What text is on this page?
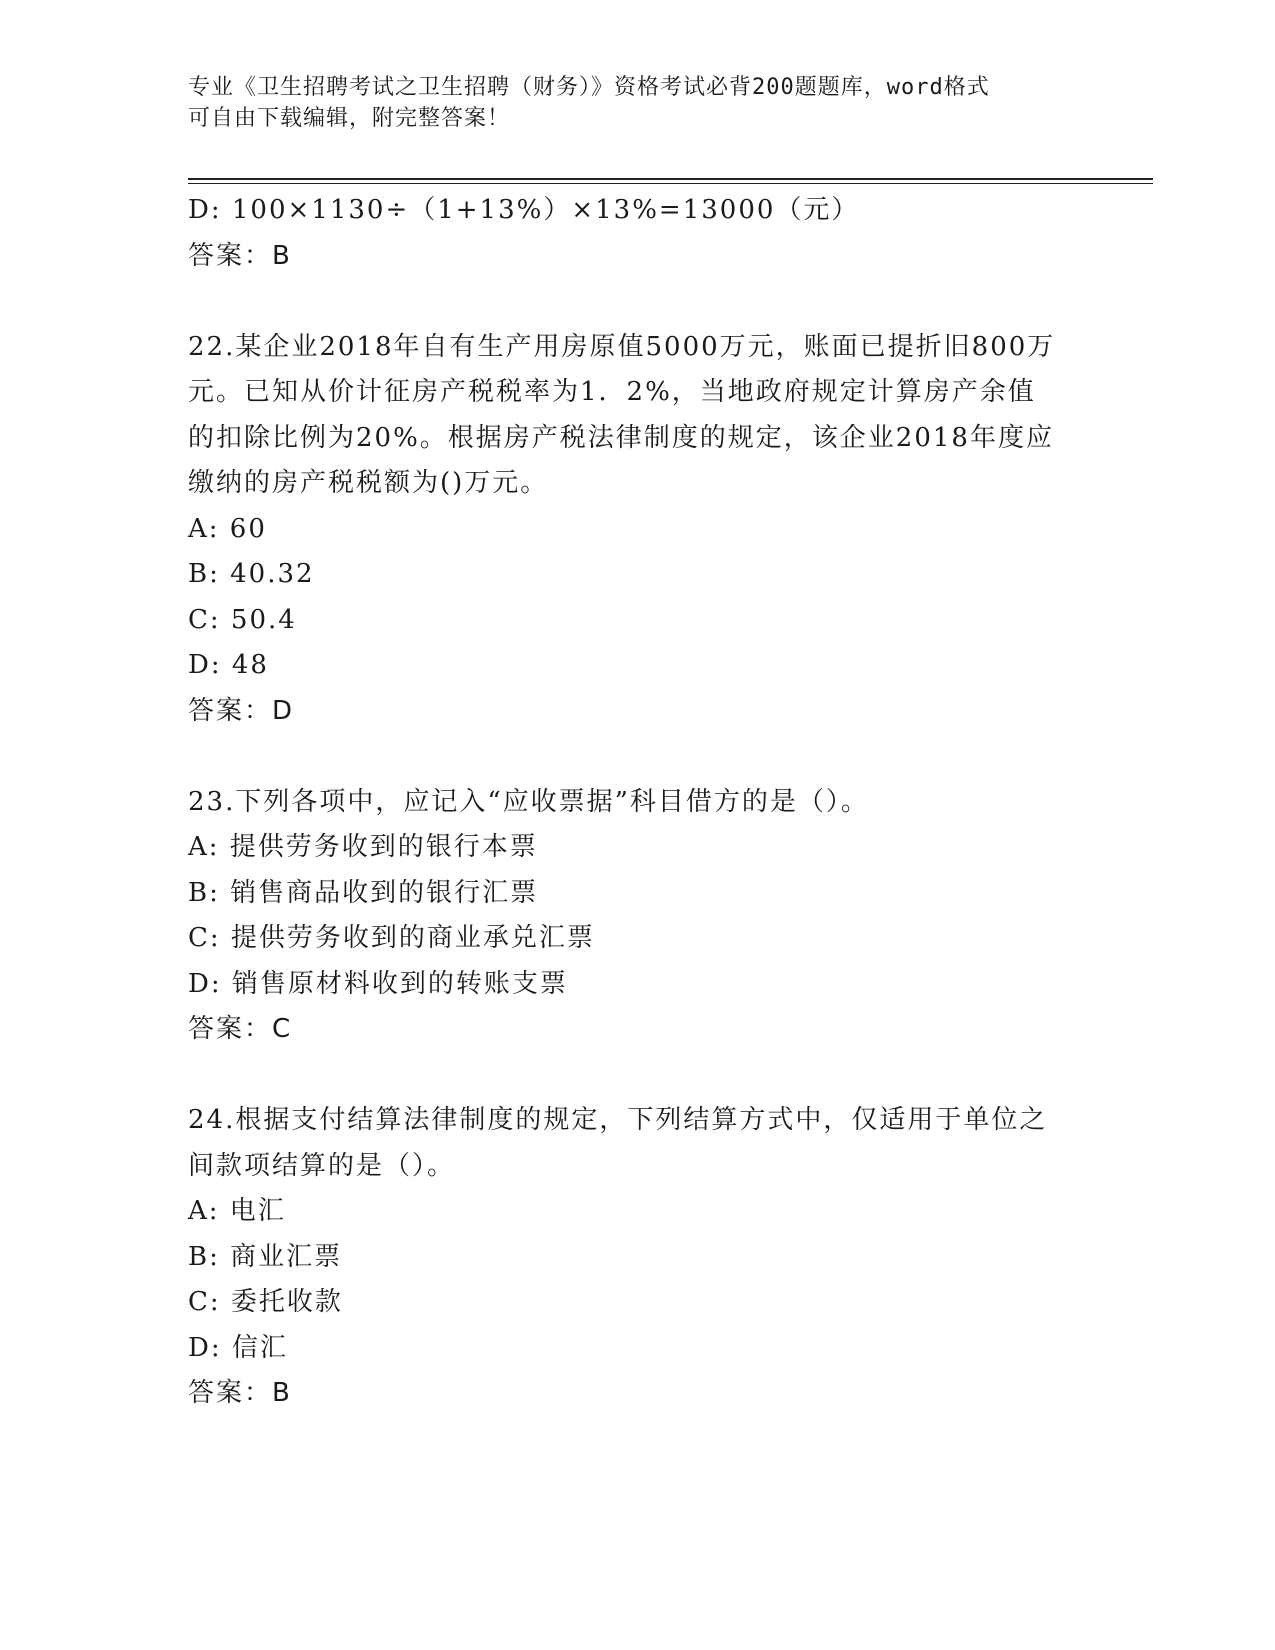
专业《卫生招聘考试之卫生招聘（财务）》资格考试必背200题题库，word格式
可自由下载编辑，附完整答案！
D: 100×1130÷（1+13%）×13%=13000（元）
答案：B
22.某企业2018年自有生产用房原值5000万元，账面已提折旧800万
元。已知从价计征房产税税率为1．2%，当地政府规定计算房产余值
的扣除比例为20%。根据房产税法律制度的规定，该企业2018年度应
缴纳的房产税税额为()万元。
A: 60
B: 40.32
C: 50.4
D: 48
答案：D
23.下列各项中，应记入“应收票据”科目借方的是（）。
A: 提供劳务收到的银行本票
B: 销售商品收到的银行汇票
C: 提供劳务收到的商业承兑汇票
D: 销售原材料收到的转账支票
答案：C
24.根据支付结算法律制度的规定，下列结算方式中，仅适用于单位之
间款项结算的是（）。
A: 电汇
B: 商业汇票
C: 委托收款
D: 信汇
答案：B
